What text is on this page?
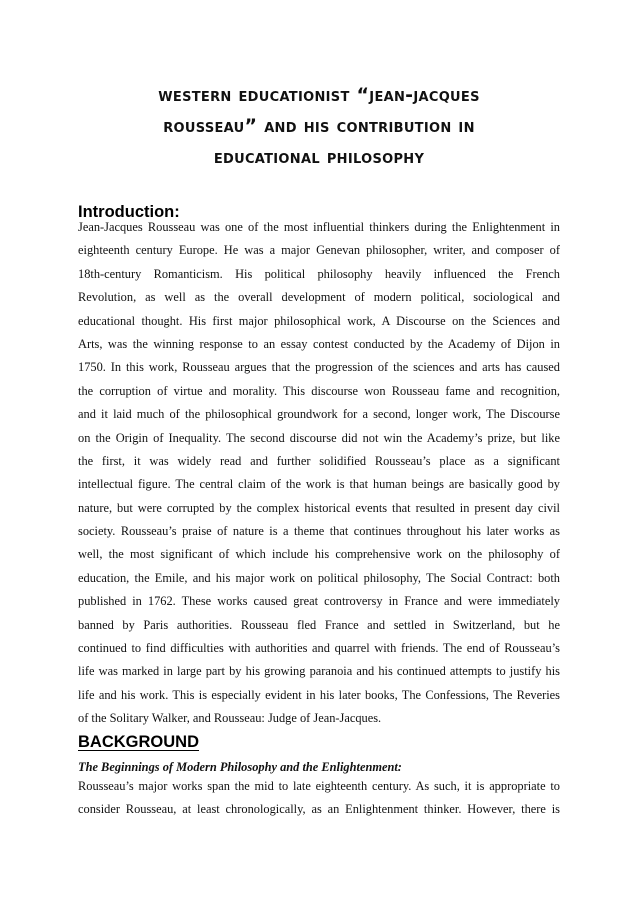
western educationist “jean-jacques
rousseau” and his contribution in
educational philosophy
Introduction:
Jean-Jacques Rousseau was one of the most influential thinkers during the Enlightenment in
eighteenth century Europe. He was a major Genevan philosopher, writer, and composer of
18th-century Romanticism. His political philosophy heavily influenced the French
Revolution, as well as the overall development of modern political, sociological and
educational thought. His first major philosophical work, A Discourse on the Sciences and
Arts, was the winning response to an essay contest conducted by the Academy of Dijon in
1750. In this work, Rousseau argues that the progression of the sciences and arts has caused
the corruption of virtue and morality. This discourse won Rousseau fame and recognition,
and it laid much of the philosophical groundwork for a second, longer work, The Discourse
on the Origin of Inequality. The second discourse did not win the Academy’s prize, but like
the first, it was widely read and further solidified Rousseau’s place as a significant
intellectual figure. The central claim of the work is that human beings are basically good by
nature, but were corrupted by the complex historical events that resulted in present day civil
society. Rousseau’s praise of nature is a theme that continues throughout his later works as
well, the most significant of which include his comprehensive work on the philosophy of
education, the Emile, and his major work on political philosophy, The Social Contract: both
published in 1762. These works caused great controversy in France and were immediately
banned by Paris authorities. Rousseau fled France and settled in Switzerland, but he
continued to find difficulties with authorities and quarrel with friends. The end of Rousseau’s
life was marked in large part by his growing paranoia and his continued attempts to justify his
life and his work. This is especially evident in his later books, The Confessions, The Reveries
of the Solitary Walker, and Rousseau: Judge of Jean-Jacques.
BACKGROUND

The Beginnings of Modern Philosophy and the Enlightenment:

Rousseau’s major works span the mid to late eighteenth century. As such, it is appropriate to
consider Rousseau, at least chronologically, as an Enlightenment thinker. However, there is
